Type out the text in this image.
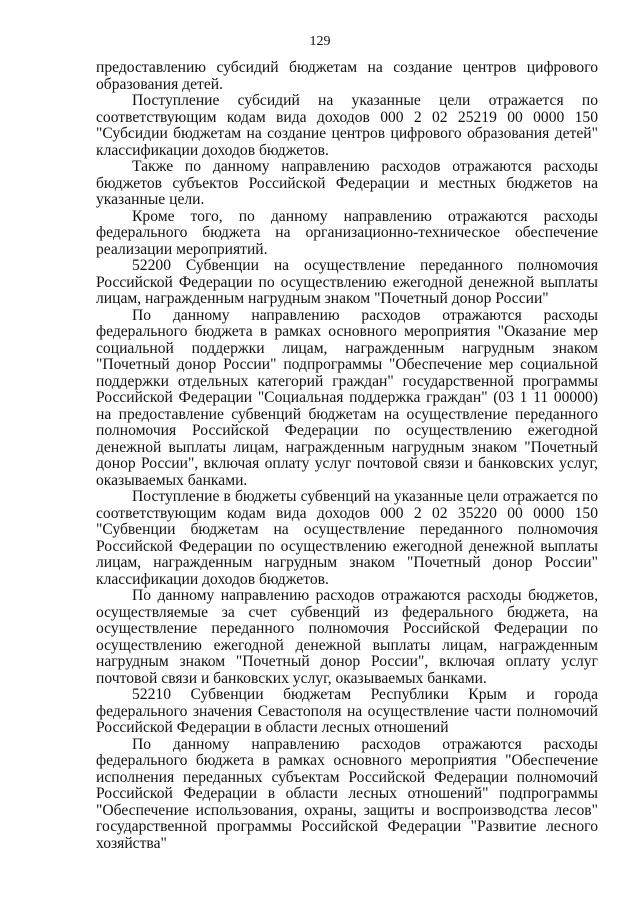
129

предоставлению субсидий бюджетам на создание центров цифрового образования детей.

Поступление субсидий на указанные цели отражается по соответствующим кодам вида доходов 000 2 02 25219 00 0000 150 "Субсидии бюджетам на создание центров цифрового образования детей" классификации доходов бюджетов.

Также по данному направлению расходов отражаются расходы бюджетов субъектов Российской Федерации и местных бюджетов на указанные цели.

Кроме того, по данному направлению отражаются расходы федерального бюджета на организационно-техническое обеспечение реализации мероприятий.

52200 Субвенции на осуществление переданного полномочия Российской Федерации по осуществлению ежегодной денежной выплаты лицам, награжденным нагрудным знаком "Почетный донор России"

По данному направлению расходов отражаются расходы федерального бюджета в рамках основного мероприятия "Оказание мер социальной поддержки лицам, награжденным нагрудным знаком "Почетный донор России" подпрограммы "Обеспечение мер социальной поддержки отдельных категорий граждан" государственной программы Российской Федерации "Социальная поддержка граждан" (03 1 11 00000) на предоставление субвенций бюджетам на осуществление переданного полномочия Российской Федерации по осуществлению ежегодной денежной выплаты лицам, награжденным нагрудным знаком "Почетный донор России", включая оплату услуг почтовой связи и банковских услуг, оказываемых банками.

Поступление в бюджеты субвенций на указанные цели отражается по соответствующим кодам вида доходов 000 2 02 35220 00 0000 150 "Субвенции бюджетам на осуществление переданного полномочия Российской Федерации по осуществлению ежегодной денежной выплаты лицам, награжденным нагрудным знаком "Почетный донор России" классификации доходов бюджетов.

По данному направлению расходов отражаются расходы бюджетов, осуществляемые за счет субвенций из федерального бюджета, на осуществление переданного полномочия Российской Федерации по осуществлению ежегодной денежной выплаты лицам, награжденным нагрудным знаком "Почетный донор России", включая оплату услуг почтовой связи и банковских услуг, оказываемых банками.

52210 Субвенции бюджетам Республики Крым и города федерального значения Севастополя на осуществление части полномочий Российской Федерации в области лесных отношений

По данному направлению расходов отражаются расходы федерального бюджета в рамках основного мероприятия "Обеспечение исполнения переданных субъектам Российской Федерации полномочий Российской Федерации в области лесных отношений" подпрограммы "Обеспечение использования, охраны, защиты и воспроизводства лесов" государственной программы Российской Федерации "Развитие лесного хозяйства"
